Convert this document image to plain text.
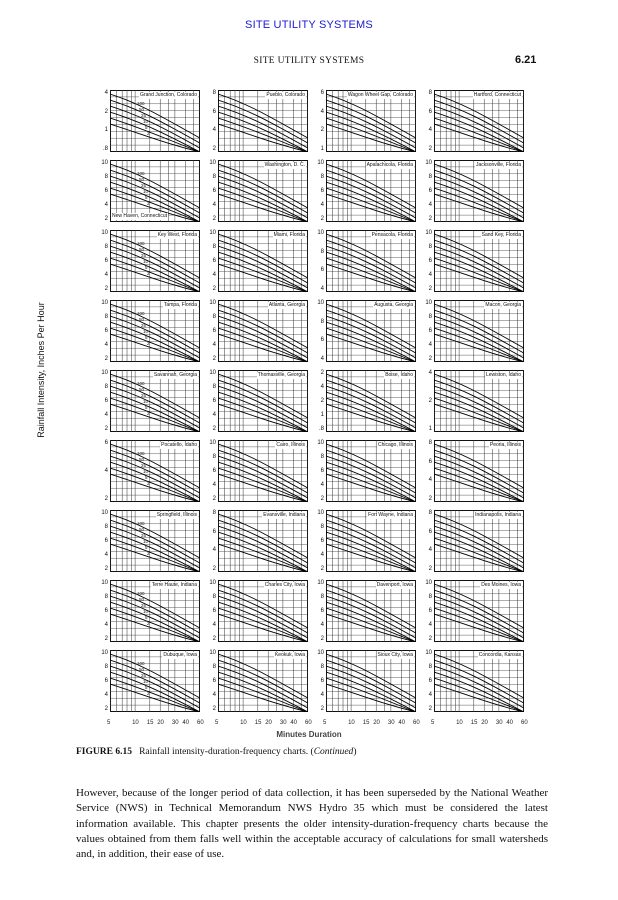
SITE UTILITY SYSTEMS
SITE UTILITY SYSTEMS	6.21
Grand Junction, Colorado
4
2
1
.8
100
50
25
10
5
2
Pueblo, Colorado
8
6
4
2
Wagon Wheel Gap, Colorado
6
4
2
1
Hartford, Connecticut
8
6
4
2
New Haven, Connecticut
10
8
6
4
2
100
50
25
10
5
2
Washington, D. C.
10
8
6
4
2
Apalachicola, Florida
10
8
6
4
2
Jacksonville, Florida
10
8
6
4
2
Key West, Florida
10
8
6
4
2
100
50
25
10
5
2
Miami, Florida
10
8
6
4
2
Pensacola, Florida
10
8
6
4
Sand Key, Florida
10
8
6
4
2
Tampa, Florida
10
8
6
4
2
100
50
25
10
5
2
Atlanta, Georgia
10
8
6
4
2
Augusta, Georgia
10
8
6
4
Macon, Georgia
10
8
6
4
2
Savannah, Georgia
10
8
6
4
2
100
50
25
10
5
2
Thomasville, Georgia
10
8
6
4
2
Boise, Idaho
2
4
2
1
.8
Lewiston, Idaho
4
2
1
Pocatello, Idaho
6
4
2
100
50
25
10
5
2
Cairo, Illinois
10
8
6
4
2
Chicago, Illinois
10
8
6
4
2
Peoria, Illinois
8
6
4
2
Springfield, Illinois
10
8
6
4
2
100
50
25
10
5
2
Evansville, Indiana
8
6
4
2
Fort Wayne, Indiana
10
8
6
4
2
Indianapolis, Indiana
8
6
4
2
Terre Haute, Indiana
10
8
6
4
2
100
50
25
10
5
2
Charles City, Iowa
10
8
6
4
2
Davenport, Iowa
10
8
6
4
2
Des Moines, Iowa
10
8
6
4
2
Dubuque, Iowa
10
8
6
4
2
100
50
25
10
5
2
Keokuk, Iowa
10
8
6
4
2
Sioux City, Iowa
10
8
6
4
2
Concordia, Kansas
10
8
6
4
2
Rainfall Intensity, Inches Per Hour
5	10 15 20 30 40 60 5	10 15 20 30 40 60 5	10 15 20 30 40 60 5	10 15 20 30 40 60
Minutes Duration
FIGURE 6.15 Rainfall intensity-duration-frequency charts. (Continued)
However, because of the longer period of data collection, it has been superseded by the National Weather Service (NWS) in Technical Memorandum NWS Hydro 35 which must be considered the latest information available. This chapter presents the older intensity-duration-frequency charts because the values obtained from them falls well within the acceptable accuracy of calculations for small watersheds and, in addition, their ease of use.
